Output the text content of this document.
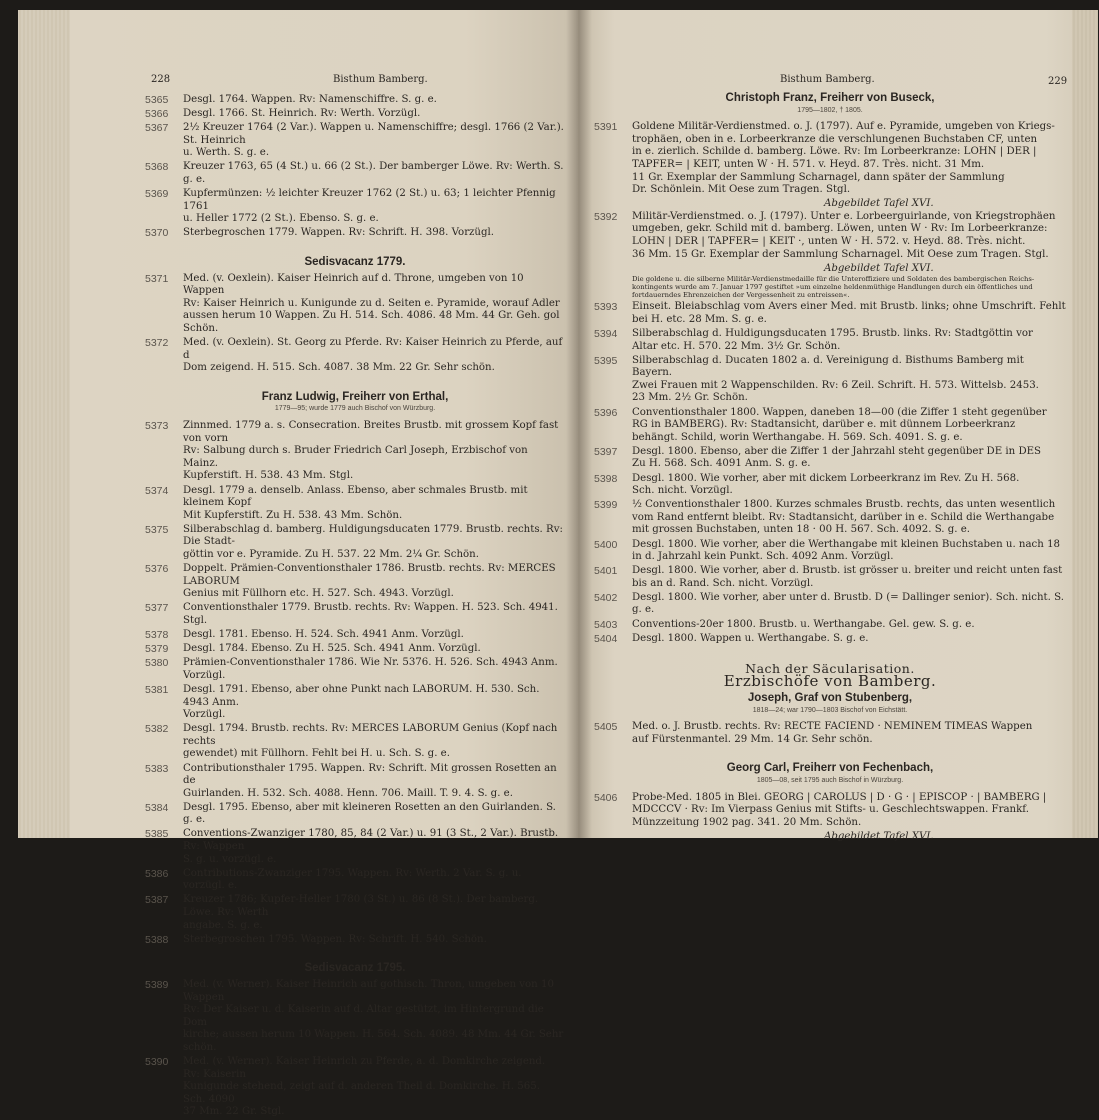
228	Bisthum Bamberg.
5365	Desgl. 1764. Wappen. Rv: Namenschiffre. S. g. e.
5366	Desgl. 1766. St. Heinrich. Rv: Werth. Vorzügl.
5367	2½ Kreuzer 1764 (2 Var.). Wappen u. Namenschiffre; desgl. 1766 (2 Var.). St. Heinrich
u. Werth. S. g. e.
5368	Kreuzer 1763, 65 (4 St.) u. 66 (2 St.). Der bamberger Löwe. Rv: Werth. S. g. e.
5369	Kupfermünzen: ½ leichter Kreuzer 1762 (2 St.) u. 63; 1 leichter Pfennig 1761
u. Heller 1772 (2 St.). Ebenso. S. g. e.
5370	Sterbegroschen 1779. Wappen. Rv: Schrift. H. 398. Vorzügl.
Sedisvacanz 1779.
5371	Med. (v. Oexlein). Kaiser Heinrich auf d. Throne, umgeben von 10 Wappen
Rv: Kaiser Heinrich u. Kunigunde zu d. Seiten e. Pyramide, worauf Adler
aussen herum 10 Wappen. Zu H. 514. Sch. 4086. 48 Mm. 44 Gr. Geh. gol
Schön.
5372	Med. (v. Oexlein). St. Georg zu Pferde. Rv: Kaiser Heinrich zu Pferde, auf d
Dom zeigend. H. 515. Sch. 4087. 38 Mm. 22 Gr. Sehr schön.
Franz Ludwig, Freiherr von Erthal,
1779—95; wurde 1779 auch Bischof von Würzburg.
5373	Zinnmed. 1779 a. s. Consecration. Breites Brustb. mit grossem Kopf fast von vorn
Rv: Salbung durch s. Bruder Friedrich Carl Joseph, Erzbischof von Mainz.
Kupferstift. H. 538. 43 Mm. Stgl.
5374	Desgl. 1779 a. denselb. Anlass. Ebenso, aber schmales Brustb. mit kleinem Kopf
Mit Kupferstift. Zu H. 538. 43 Mm. Schön.
5375	Silberabschlag d. bamberg. Huldigungsducaten 1779. Brustb. rechts. Rv: Die Stadt-
göttin vor e. Pyramide. Zu H. 537. 22 Mm. 2¼ Gr. Schön.
5376	Doppelt. Prämien-Conventionsthaler 1786. Brustb. rechts. Rv: MERCES LABORUM
Genius mit Füllhorn etc. H. 527. Sch. 4943. Vorzügl.
5377	Conventionsthaler 1779. Brustb. rechts. Rv: Wappen. H. 523. Sch. 4941. Stgl.
5378	Desgl. 1781. Ebenso. H. 524. Sch. 4941 Anm. Vorzügl.
5379	Desgl. 1784. Ebenso. Zu H. 525. Sch. 4941 Anm. Vorzügl.
5380	Prämien-Conventionsthaler 1786. Wie Nr. 5376. H. 526. Sch. 4943 Anm. Vorzügl.
5381	Desgl. 1791. Ebenso, aber ohne Punkt nach LABORUM. H. 530. Sch. 4943 Anm.
Vorzügl.
5382	Desgl. 1794. Brustb. rechts. Rv: MERCES LABORUM Genius (Kopf nach rechts
gewendet) mit Füllhorn. Fehlt bei H. u. Sch. S. g. e.
5383	Contributionsthaler 1795. Wappen. Rv: Schrift. Mit grossen Rosetten an de
Guirlanden. H. 532. Sch. 4088. Henn. 706. Maill. T. 9. 4. S. g. e.
5384	Desgl. 1795. Ebenso, aber mit kleineren Rosetten an den Guirlanden. S. g. e.
5385	Conventions-Zwanziger 1780, 85, 84 (2 Var.) u. 91 (3 St., 2 Var.). Brustb. Rv: Wappen
S. g. u. vorzügl. e.
5386	Contributions-Zwanziger 1795. Wappen. Rv: Werth. 2 Var. S. g. u. vorzügl. e.
5387	Kreuzer 1786; Kupfer-Heller 1780 (3 St.) u. 86 (8 St.). Der bamberg. Löwe. Rv: Werth
angabe. S. g. e.
5388	Sterbegroschen 1795. Wappen. Rv: Schrift. H. 540. Schön.
Sedisvacanz 1795.
5389	Med. (v. Werner). Kaiser Heinrich auf gothisch. Thron, umgeben von 10 Wappen
Rv: Der Kaiser u. d. Kaiserin auf d. Altar gestützt, im Hintergrund die Dom
kirche; aussen herum 10 Wappen. H. 564. Sch. 4089. 48 Mm. 44 Gr. Sehr schön.
5390	Med. (v. Werner). Kaiser Heinrich zu Pferde, a. d. Domkirche zeigend. Rv: Kaiserin
Kunigunde stehend, zeigt auf d. anderen Theil d. Domkirche. H. 565. Sch. 4090
37 Mm. 22 Gr. Stgl.
Bisthum Bamberg.	229
Christoph Franz, Freiherr von Buseck,
1795—1802, † 1805.
5391	Goldene Militär-Verdienstmed. o. J. (1797). Auf e. Pyramide, umgeben von Kriegs-
trophäen, oben in e. Lorbeerkranze die verschlungenen Buchstaben CF, unten
in e. zierlich. Schilde d. bamberg. Löwe. Rv: Im Lorbeerkranze: LOHN | DER |
TAPFER= | KEIT, unten W · H. 571. v. Heyd. 87. Très. nicht. 31 Mm.
11 Gr. Exemplar der Sammlung Scharnagel, dann später der Sammlung
Dr. Schönlein. Mit Oese zum Tragen. Stgl.
Abgebildet Tafel XVI.
5392	Militär-Verdienstmed. o. J. (1797). Unter e. Lorbeerguirlande, von Kriegstrophäen
umgeben, gekr. Schild mit d. bamberg. Löwen, unten W · Rv: Im Lorbeerkranze:
LOHN | DER | TAPFER= | KEIT ·, unten W · H. 572. v. Heyd. 88. Très. nicht.
36 Mm. 15 Gr. Exemplar der Sammlung Scharnagel. Mit Oese zum Tragen. Stgl.
Abgebildet Tafel XVI.
Die goldene u. die silberne Militär-Verdienstmedaille für die Unteroffiziere und Soldaten des bambergischen Reichs-kontingents wurde am 7. Januar 1797 gestiftet »um einzelne heldenmüthige Handlungen durch ein öffentliches und fortdauerndes Ehrenzeichen der Vergessenheit zu entreissen«.
5393	Einseit. Bleiabschlag vom Avers einer Med. mit Brustb. links; ohne Umschrift. Fehlt
bei H. etc. 28 Mm. S. g. e.
5394	Silberabschlag d. Huldigungsducaten 1795. Brustb. links. Rv: Stadtgöttin vor
Altar etc. H. 570. 22 Mm. 3½ Gr. Schön.
5395	Silberabschlag d. Ducaten 1802 a. d. Vereinigung d. Bisthums Bamberg mit Bayern.
Zwei Frauen mit 2 Wappenschilden. Rv: 6 Zeil. Schrift. H. 573. Wittelsb. 2453.
23 Mm. 2½ Gr. Schön.
5396	Conventionsthaler 1800. Wappen, daneben 18—00 (die Ziffer 1 steht gegenüber
RG in BAMBERG). Rv: Stadtansicht, darüber e. mit dünnem Lorbeerkranz
behängt. Schild, worin Werthangabe. H. 569. Sch. 4091. S. g. e.
5397	Desgl. 1800. Ebenso, aber die Ziffer 1 der Jahrzahl steht gegenüber DE in DES
Zu H. 568. Sch. 4091 Anm. S. g. e.
5398	Desgl. 1800. Wie vorher, aber mit dickem Lorbeerkranz im Rev. Zu H. 568.
Sch. nicht. Vorzügl.
5399	½ Conventionsthaler 1800. Kurzes schmales Brustb. rechts, das unten wesentlich
vom Rand entfernt bleibt. Rv: Stadtansicht, darüber in e. Schild die Werthangabe
mit grossen Buchstaben, unten 18 · 00 H. 567. Sch. 4092. S. g. e.
5400	Desgl. 1800. Wie vorher, aber die Werthangabe mit kleinen Buchstaben u. nach 18
in d. Jahrzahl kein Punkt. Sch. 4092 Anm. Vorzügl.
5401	Desgl. 1800. Wie vorher, aber d. Brustb. ist grösser u. breiter und reicht unten fast
bis an d. Rand. Sch. nicht. Vorzügl.
5402	Desgl. 1800. Wie vorher, aber unter d. Brustb. D (= Dallinger senior). Sch. nicht. S. g. e.
5403	Conventions-20er 1800. Brustb. u. Werthangabe. Gel. gew. S. g. e.
5404	Desgl. 1800. Wappen u. Werthangabe. S. g. e.
Nach der Säcularisation.
Erzbischöfe von Bamberg.
Joseph, Graf von Stubenberg,
1818—24; war 1790—1803 Bischof von Eichstätt.
5405	Med. o. J. Brustb. rechts. Rv: RECTE FACIEND · NEMINEM TIMEAS Wappen
auf Fürstenmantel. 29 Mm. 14 Gr. Sehr schön.
Georg Carl, Freiherr von Fechenbach,
1805—08, seit 1795 auch Bischof in Würzburg.
5406	Probe-Med. 1805 in Blei. GEORG | CAROLUS | D · G · | EPISCOP · | BAMBERG |
MDCCCV · Rv: Im Vierpass Genius mit Stifts- u. Geschlechtswappen. Frankf.
Münzzeitung 1902 pag. 341. 20 Mm. Schön.
Abgebildet Tafel XVI.
